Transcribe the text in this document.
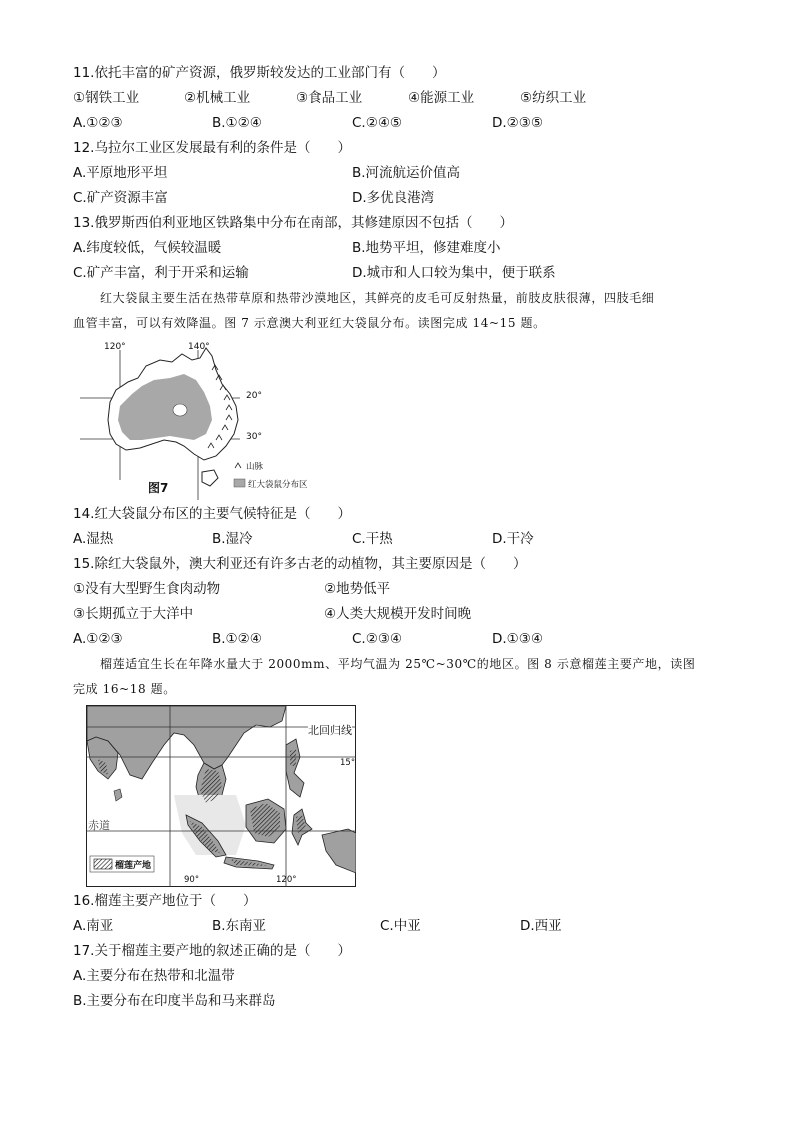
11.依托丰富的矿产资源，俄罗斯较发达的工业部门有（　　）
①钢铁工业	②机械工业	③食品工业	④能源工业	⑤纺织工业
A.①②③	B.①②④	C.②④⑤	D.②③⑤
12.乌拉尔工业区发展最有利的条件是（　　）
A.平原地形平坦	B.河流航运价值高
C.矿产资源丰富	D.多优良港湾
13.俄罗斯西伯利亚地区铁路集中分布在南部，其修建原因不包括（　　）
A.纬度较低，气候较温暖	B.地势平坦，修建难度小
C.矿产丰富，利于开采和运输	D.城市和人口较为集中，便于联系
红大袋鼠主要生活在热带草原和热带沙漠地区，其鲜亮的皮毛可反射热量，前肢皮肤很薄，四肢毛细
血管丰富，可以有效降温。图 7 示意澳大利亚红大袋鼠分布。读图完成 14~15 题。
120°	140°
20°
30°
图7
山脉
红大袋鼠分布区
14.红大袋鼠分布区的主要气候特征是（　　）
A.湿热	B.湿冷	C.干热	D.干冷
15.除红大袋鼠外，澳大利亚还有许多古老的动植物，其主要原因是（　　）
①没有大型野生食肉动物	②地势低平
③长期孤立于大洋中	④人类大规模开发时间晚
A.①②③	B.①②④	C.②③④	D.①③④
榴莲适宜生长在年降水量大于 2000mm、平均气温为 25℃~30℃的地区。图 8 示意榴莲主要产地，读图
完成 16~18 题。
北回归线
15°
赤道
90°	120°
榴莲产地
16.榴莲主要产地位于（　　）
A.南亚	B.东南亚	C.中亚	D.西亚
17.关于榴莲主要产地的叙述正确的是（　　）
A.主要分布在热带和北温带
B.主要分布在印度半岛和马来群岛
